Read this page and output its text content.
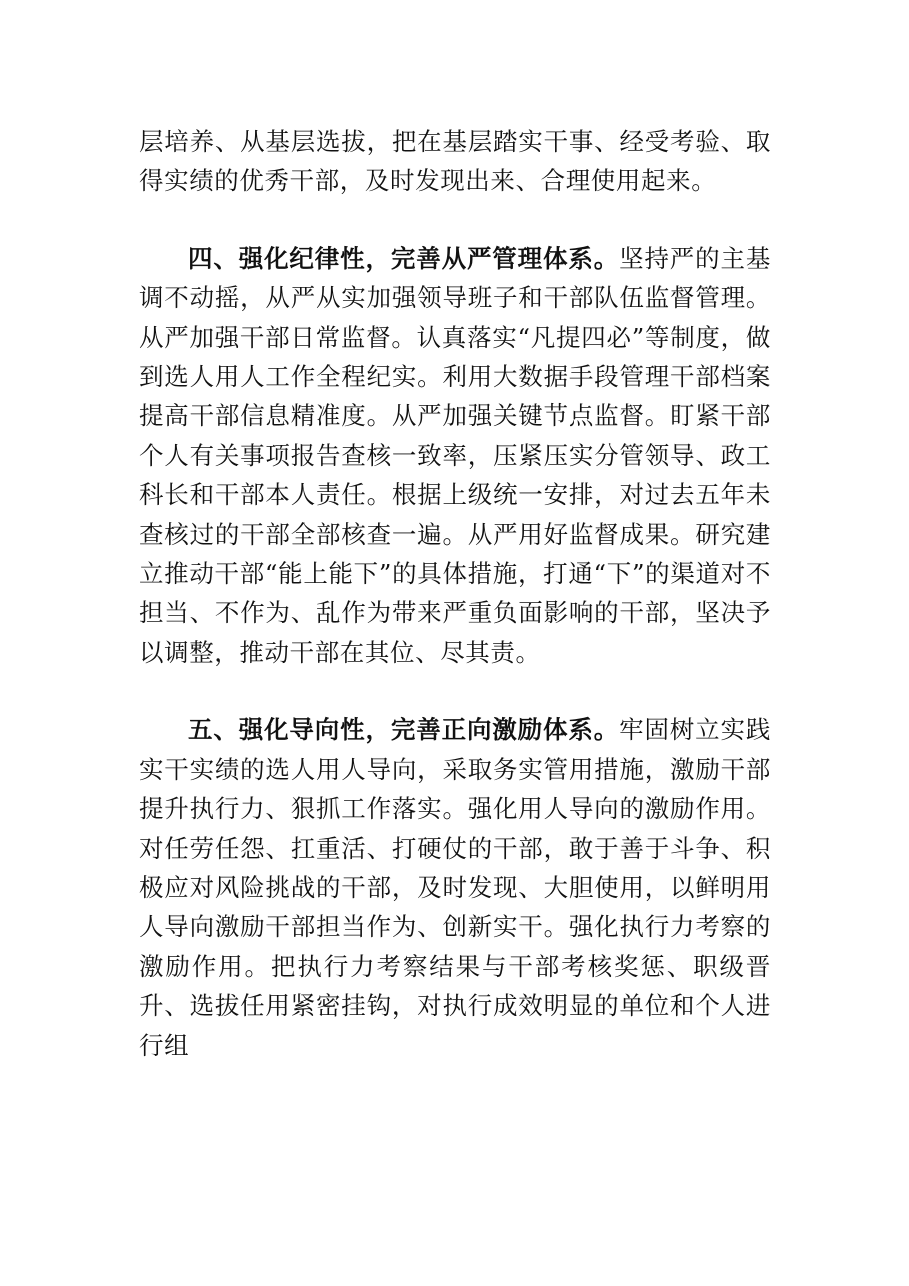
层培养、从基层选拔，把在基层踏实干事、经受考验、取得实绩的优秀干部，及时发现出来、合理使用起来。

四、强化纪律性，完善从严管理体系。坚持严的主基调不动摇，从严从实加强领导班子和干部队伍监督管理。从严加强干部日常监督。认真落实“凡提四必”等制度，做到选人用人工作全程纪实。利用大数据手段管理干部档案提高干部信息精准度。从严加强关键节点监督。盯紧干部个人有关事项报告查核一致率，压紧压实分管领导、政工科长和干部本人责任。根据上级统一安排，对过去五年未查核过的干部全部核查一遍。从严用好监督成果。研究建立推动干部“能上能下”的具体措施，打通“下”的渠道对不担当、不作为、乱作为带来严重负面影响的干部，坚决予以调整，推动干部在其位、尽其责。

五、强化导向性，完善正向激励体系。牢固树立实践实干实绩的选人用人导向，采取务实管用措施，激励干部提升执行力、狠抓工作落实。强化用人导向的激励作用。对任劳任怨、扛重活、打硬仗的干部，敢于善于斗争、积极应对风险挑战的干部，及时发现、大胆使用，以鲜明用人导向激励干部担当作为、创新实干。强化执行力考察的激励作用。把执行力考察结果与干部考核奖惩、职级晋升、选拔任用紧密挂钩，对执行成效明显的单位和个人进行组
